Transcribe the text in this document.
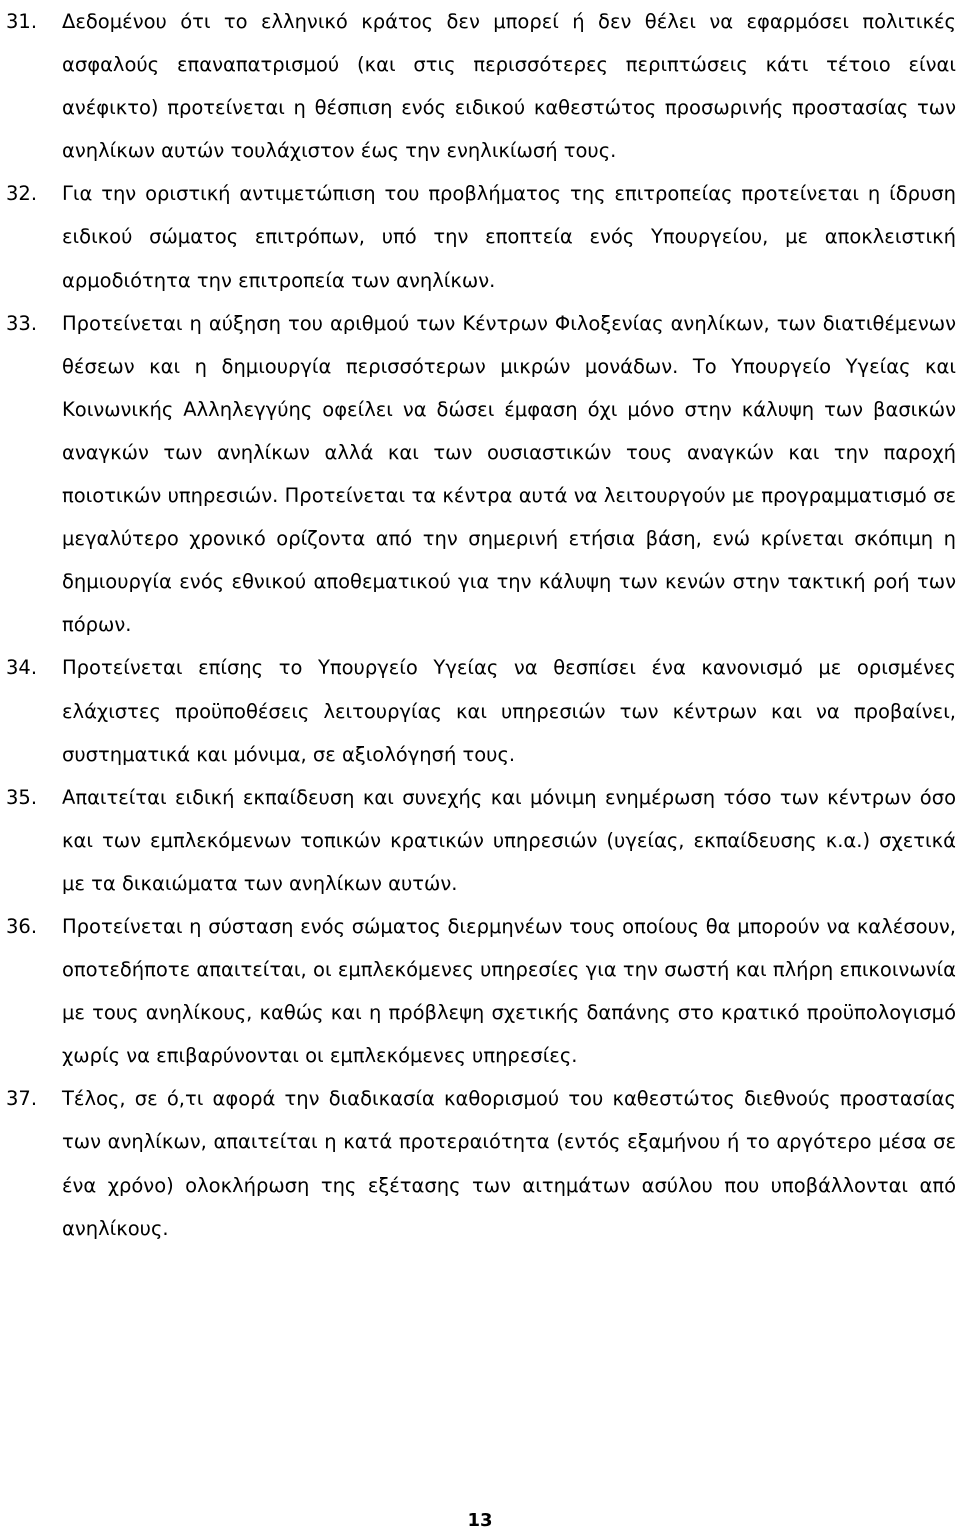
31.	Δεδομένου ότι το ελληνικό κράτος δεν μπορεί ή δεν θέλει να εφαρμόσει πολιτικές ασφαλούς επαναπατρισμού (και στις περισσότερες περιπτώσεις κάτι τέτοιο είναι ανέφικτο) προτείνεται η θέσπιση ενός ειδικού καθεστώτος προσωρινής προστασίας των ανηλίκων αυτών τουλάχιστον έως την ενηλικίωσή τους.
32.	Για την οριστική αντιμετώπιση του προβλήματος της επιτροπείας προτείνεται η ίδρυση ειδικού σώματος επιτρόπων, υπό την εποπτεία ενός Υπουργείου, με αποκλειστική αρμοδιότητα την επιτροπεία των ανηλίκων.
33.	Προτείνεται η αύξηση του αριθμού των Κέντρων Φιλοξενίας ανηλίκων, των διατιθέμενων θέσεων και η δημιουργία περισσότερων μικρών μονάδων. Το Υπουργείο Υγείας και Κοινωνικής Αλληλεγγύης οφείλει να δώσει έμφαση όχι μόνο στην κάλυψη των βασικών αναγκών των ανηλίκων αλλά και των ουσιαστικών τους αναγκών και την παροχή ποιοτικών υπηρεσιών. Προτείνεται τα κέντρα αυτά να λειτουργούν με προγραμματισμό σε μεγαλύτερο χρονικό ορίζοντα από την σημερινή ετήσια βάση, ενώ κρίνεται σκόπιμη η δημιουργία ενός εθνικού αποθεματικού για την κάλυψη των κενών στην τακτική ροή των πόρων.
34.	Προτείνεται επίσης το Υπουργείο Υγείας να θεσπίσει ένα κανονισμό με ορισμένες ελάχιστες προϋποθέσεις λειτουργίας και υπηρεσιών των κέντρων και να προβαίνει, συστηματικά και μόνιμα, σε αξιολόγησή τους.
35.	Απαιτείται ειδική εκπαίδευση και συνεχής και μόνιμη ενημέρωση τόσο των κέντρων όσο και των εμπλεκόμενων τοπικών κρατικών υπηρεσιών (υγείας, εκπαίδευσης κ.α.) σχετικά με τα δικαιώματα των ανηλίκων αυτών.
36.	Προτείνεται η σύσταση ενός σώματος διερμηνέων τους οποίους θα μπορούν να καλέσουν, οποτεδήποτε απαιτείται, οι εμπλεκόμενες υπηρεσίες για την σωστή και πλήρη επικοινωνία με τους ανηλίκους, καθώς και η πρόβλεψη σχετικής δαπάνης στο κρατικό προϋπολογισμό χωρίς να επιβαρύνονται οι εμπλεκόμενες υπηρεσίες.
37.	Τέλος, σε ό,τι αφορά την διαδικασία καθορισμού του καθεστώτος διεθνούς προστασίας των ανηλίκων, απαιτείται η κατά προτεραιότητα (εντός εξαμήνου ή το αργότερο μέσα σε ένα χρόνο) ολοκλήρωση της εξέτασης των αιτημάτων ασύλου που υποβάλλονται από ανηλίκους.
13
